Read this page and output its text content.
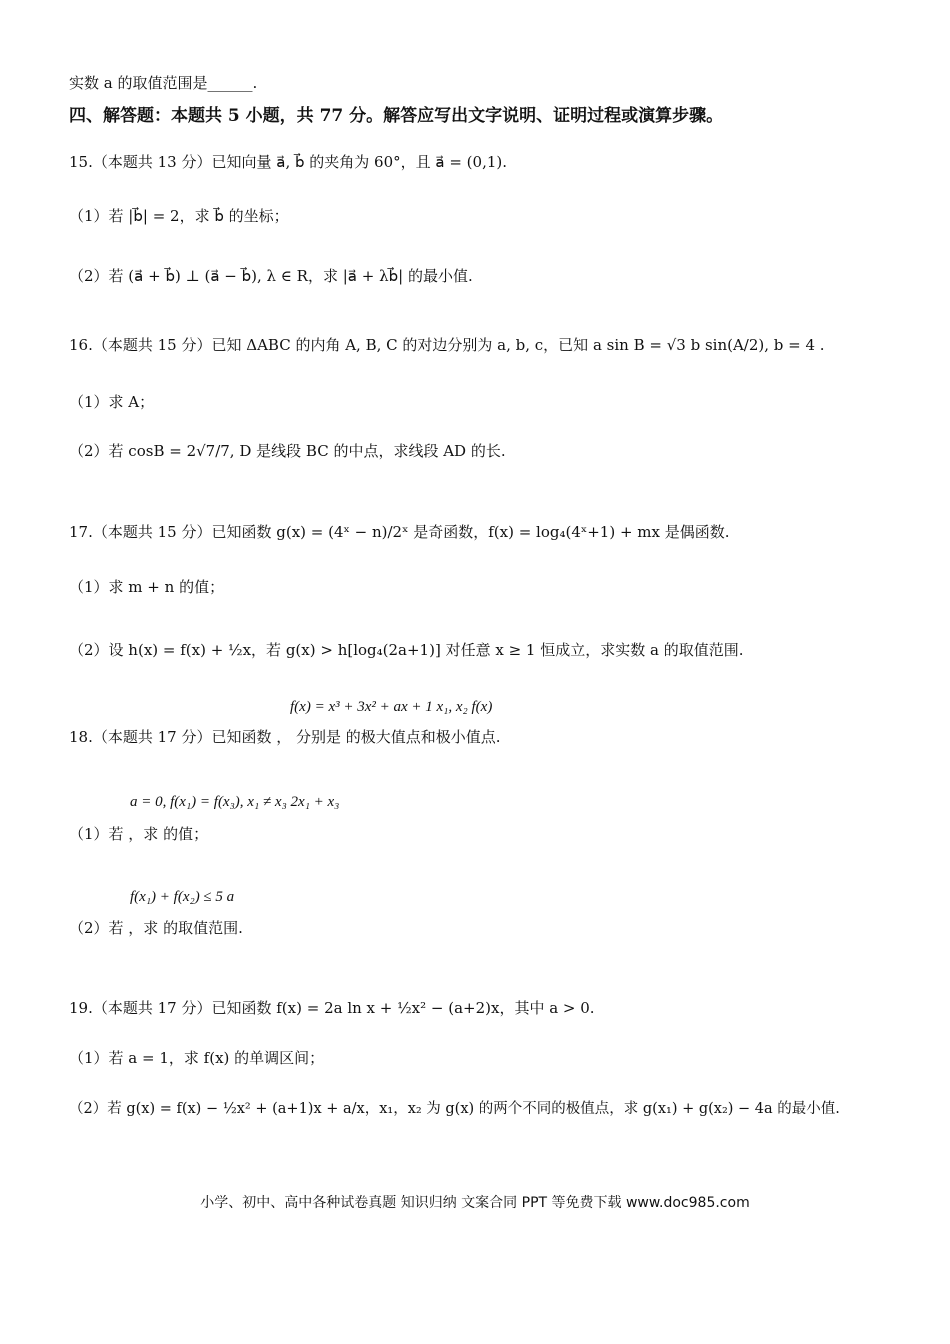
实数 a 的取值范围是______.
四、解答题：本题共 5 小题，共 77 分。解答应写出文字说明、证明过程或演算步骤。
15.（本题共 13 分）已知向量 a⃗, b⃗ 的夹角为 60°，且 a⃗ = (0,1).
（1）若 |b⃗| = 2，求 b⃗ 的坐标；
（2）若 (a⃗ + b⃗) ⊥ (a⃗ − b⃗), λ ∈ R，求 |a⃗ + λb⃗| 的最小值.
16.（本题共 15 分）已知 ΔABC 的内角 A, B, C 的对边分别为 a, b, c，已知 a sin B = √3 b sin(A/2), b = 4 .
（1）求 A；
（2）若 cosB = 2√7/7, D 是线段 BC 的中点，求线段 AD 的长.
17.（本题共 15 分）已知函数 g(x) = (4ˣ − n)/2ˣ 是奇函数，f(x) = log₄(4ˣ+1) + mx 是偶函数.
（1）求 m + n 的值；
（2）设 h(x) = f(x) + ½x，若 g(x) > h[log₄(2a+1)] 对任意 x ≥ 1 恒成立，求实数 a 的取值范围.
f(x) = x³ + 3x² + ax + 1 x₁, x₂ f(x)
18.（本题共 17 分）已知函数 ， 分别是 的极大值点和极小值点.
a = 0, f(x₁) = f(x₃), x₁ ≠ x₃ 2x₁ + x₃
（1）若 ，求 的值；
f(x₁) + f(x₂) ≤ 5 a
（2）若 ，求 的取值范围.
19.（本题共 17 分）已知函数 f(x) = 2a ln x + ½x² − (a+2)x，其中 a > 0.
（1）若 a = 1，求 f(x) 的单调区间；
（2）若 g(x) = f(x) − ½x² + (a+1)x + a/x，x₁，x₂ 为 g(x) 的两个不同的极值点，求 g(x₁) + g(x₂) − 4a 的最小值.
小学、初中、高中各种试卷真题 知识归纳 文案合同 PPT 等免费下载 www.doc985.com
